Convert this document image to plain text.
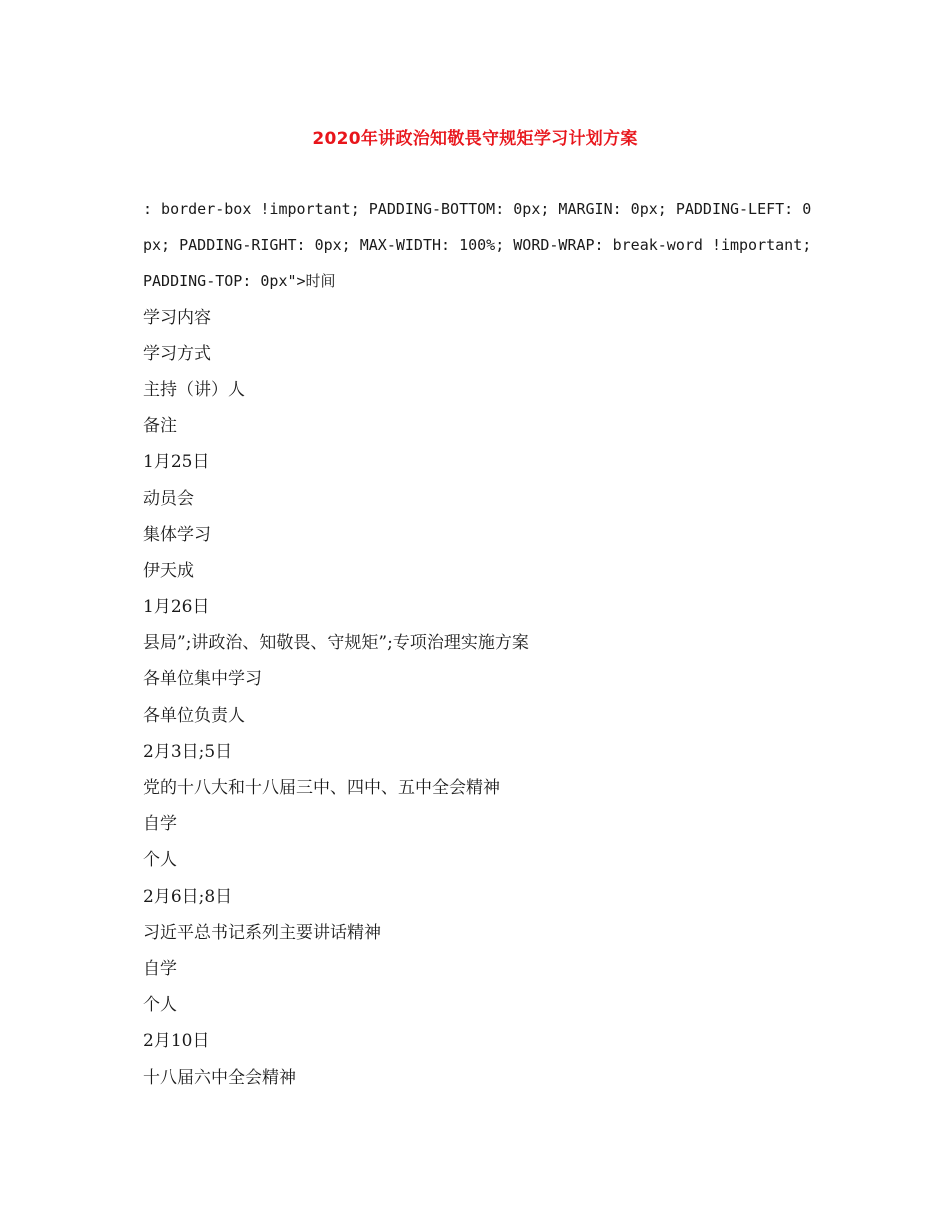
2020年讲政治知敬畏守规矩学习计划方案

: border-box !important; PADDING-BOTTOM: 0px; MARGIN: 0px; PADDING-LEFT: 0px; PADDING-RIGHT: 0px; MAX-WIDTH: 100%; WORD-WRAP: break-word !important; PADDING-TOP: 0px">时间

学习内容

学习方式

主持（讲）人

备注

1月25日

动员会

集体学习

伊天成

1月26日

县局”;讲政治、知敬畏、守规矩”;专项治理实施方案

各单位集中学习

各单位负责人

2月3日;5日

党的十八大和十八届三中、四中、五中全会精神

自学

个人

2月6日;8日

习近平总书记系列主要讲话精神

自学

个人

2月10日

十八届六中全会精神
